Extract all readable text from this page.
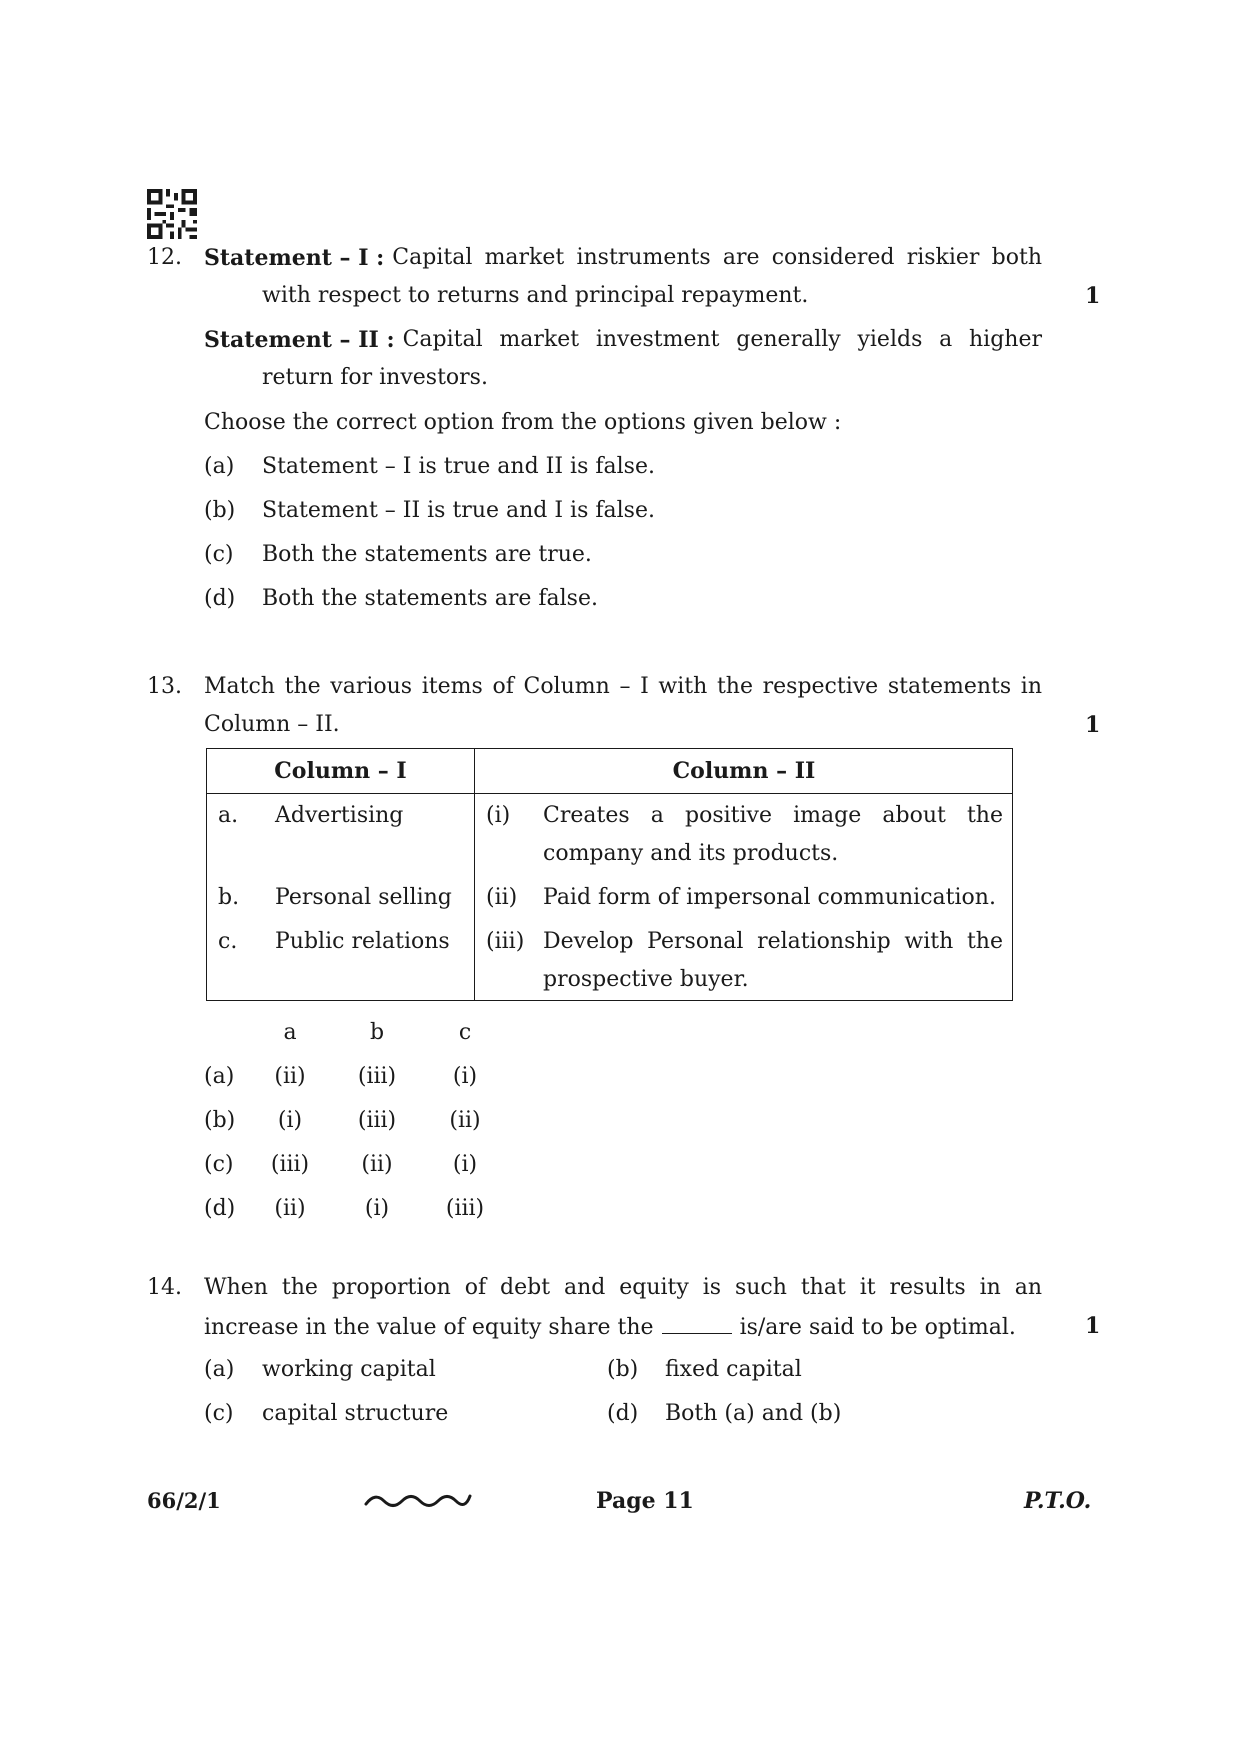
12. Statement – I : Capital market instruments are considered riskier both
with respect to returns and principal repayment.	1
Statement – II : Capital market investment generally yields a higher
return for investors.
Choose the correct option from the options given below :
(a) Statement – I is true and II is false.
(b) Statement – II is true and I is false.
(c) Both the statements are true.
(d) Both the statements are false.
13. Match the various items of Column – I with the respective statements in
Column – II.	1
Column – I	Column – II
a. Advertising	(i) Creates a positive image about the
company and its products.
b. Personal selling (ii) Paid form of impersonal communication.
c. Public relations (iii) Develop Personal relationship with the
prospective buyer.
a	b	c
(a) (ii) (iii)	(i)
(b) (i)	(iii) (ii)
(c) (iii) (ii)	(i)
(d) (ii)	(i)	(iii)
14. When the proportion of debt and equity is such that it results in an
increase in the value of equity share the	is/are said to be optimal.	1
(a) working capital	(b) fixed capital
(c) capital structure	(d) Both (a) and (b)
66/2/1	Page 11	P.T.O.
